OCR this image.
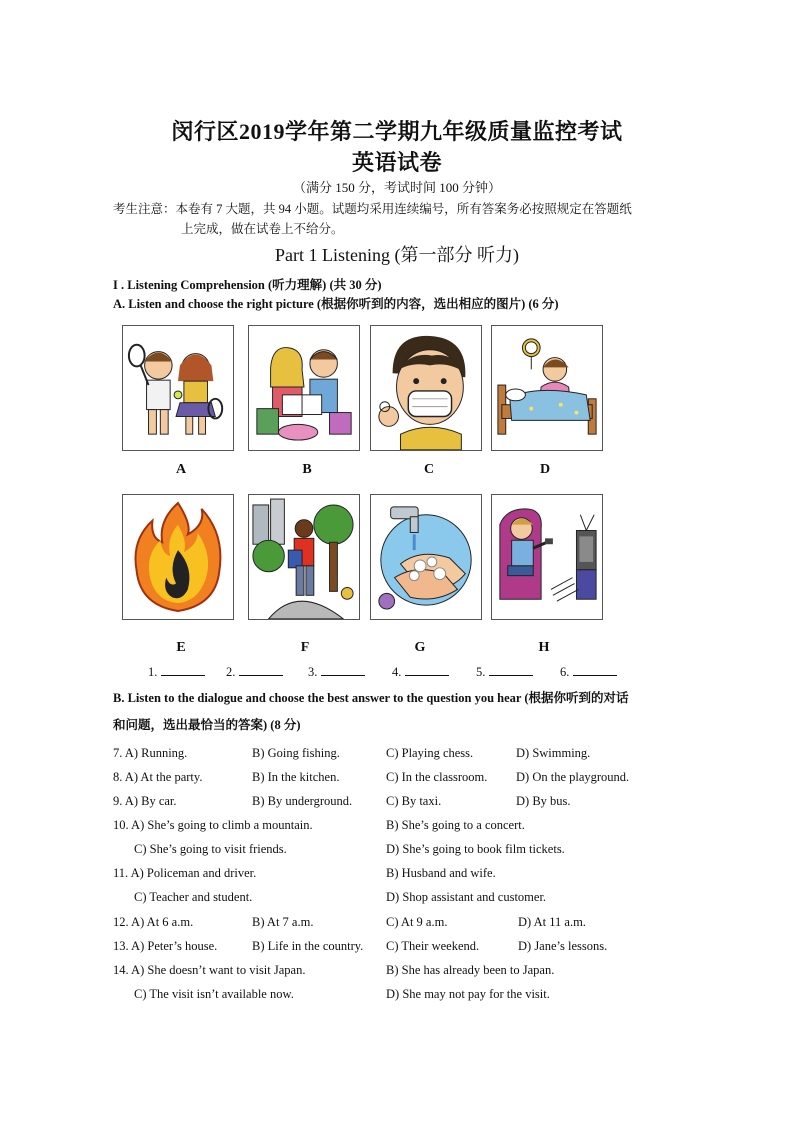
闵行区2019学年第二学期九年级质量监控考试
英语试卷
（满分 150 分，考试时间 100 分钟）
考生注意：本卷有 7 大题，共 94 小题。试题均采用连续编号，所有答案务必按照规定在答题纸
上完成，做在试卷上不给分。
Part 1 Listening (第一部分 听力)
I . Listening Comprehension (听力理解) (共 30 分)
A. Listen and choose the right picture (根据你听到的内容，选出相应的图片) (6 分)
A	B	C	D
E	F	G	H
1.	2.	3.	4.	5.	6.
B. Listen to the dialogue and choose the best answer to the question you hear (根据你听到的对话
和问题，选出最恰当的答案) (8 分)
7. A) Running.	B) Going fishing.	C) Playing chess.	D) Swimming.
8. A) At the party.	B) In the kitchen.	C) In the classroom. D) On the playground.
9. A) By car.	B) By underground.	C) By taxi.	D) By bus.
10. A) She’s going to climb a mountain.	B) She’s going to a concert.
C) She’s going to visit friends.	D) She’s going to book film tickets.
11. A) Policeman and driver.	B) Husband and wife.
C) Teacher and student.	D) Shop assistant and customer.
12. A) At 6 a.m.	B) At 7 a.m.	C) At 9 a.m.	D) At 11 a.m.
13. A) Peter’s house.	B) Life in the country. C) Their weekend.	D) Jane’s lessons.
14. A) She doesn’t want to visit Japan.	B) She has already been to Japan.
C) The visit isn’t available now.	D) She may not pay for the visit.
